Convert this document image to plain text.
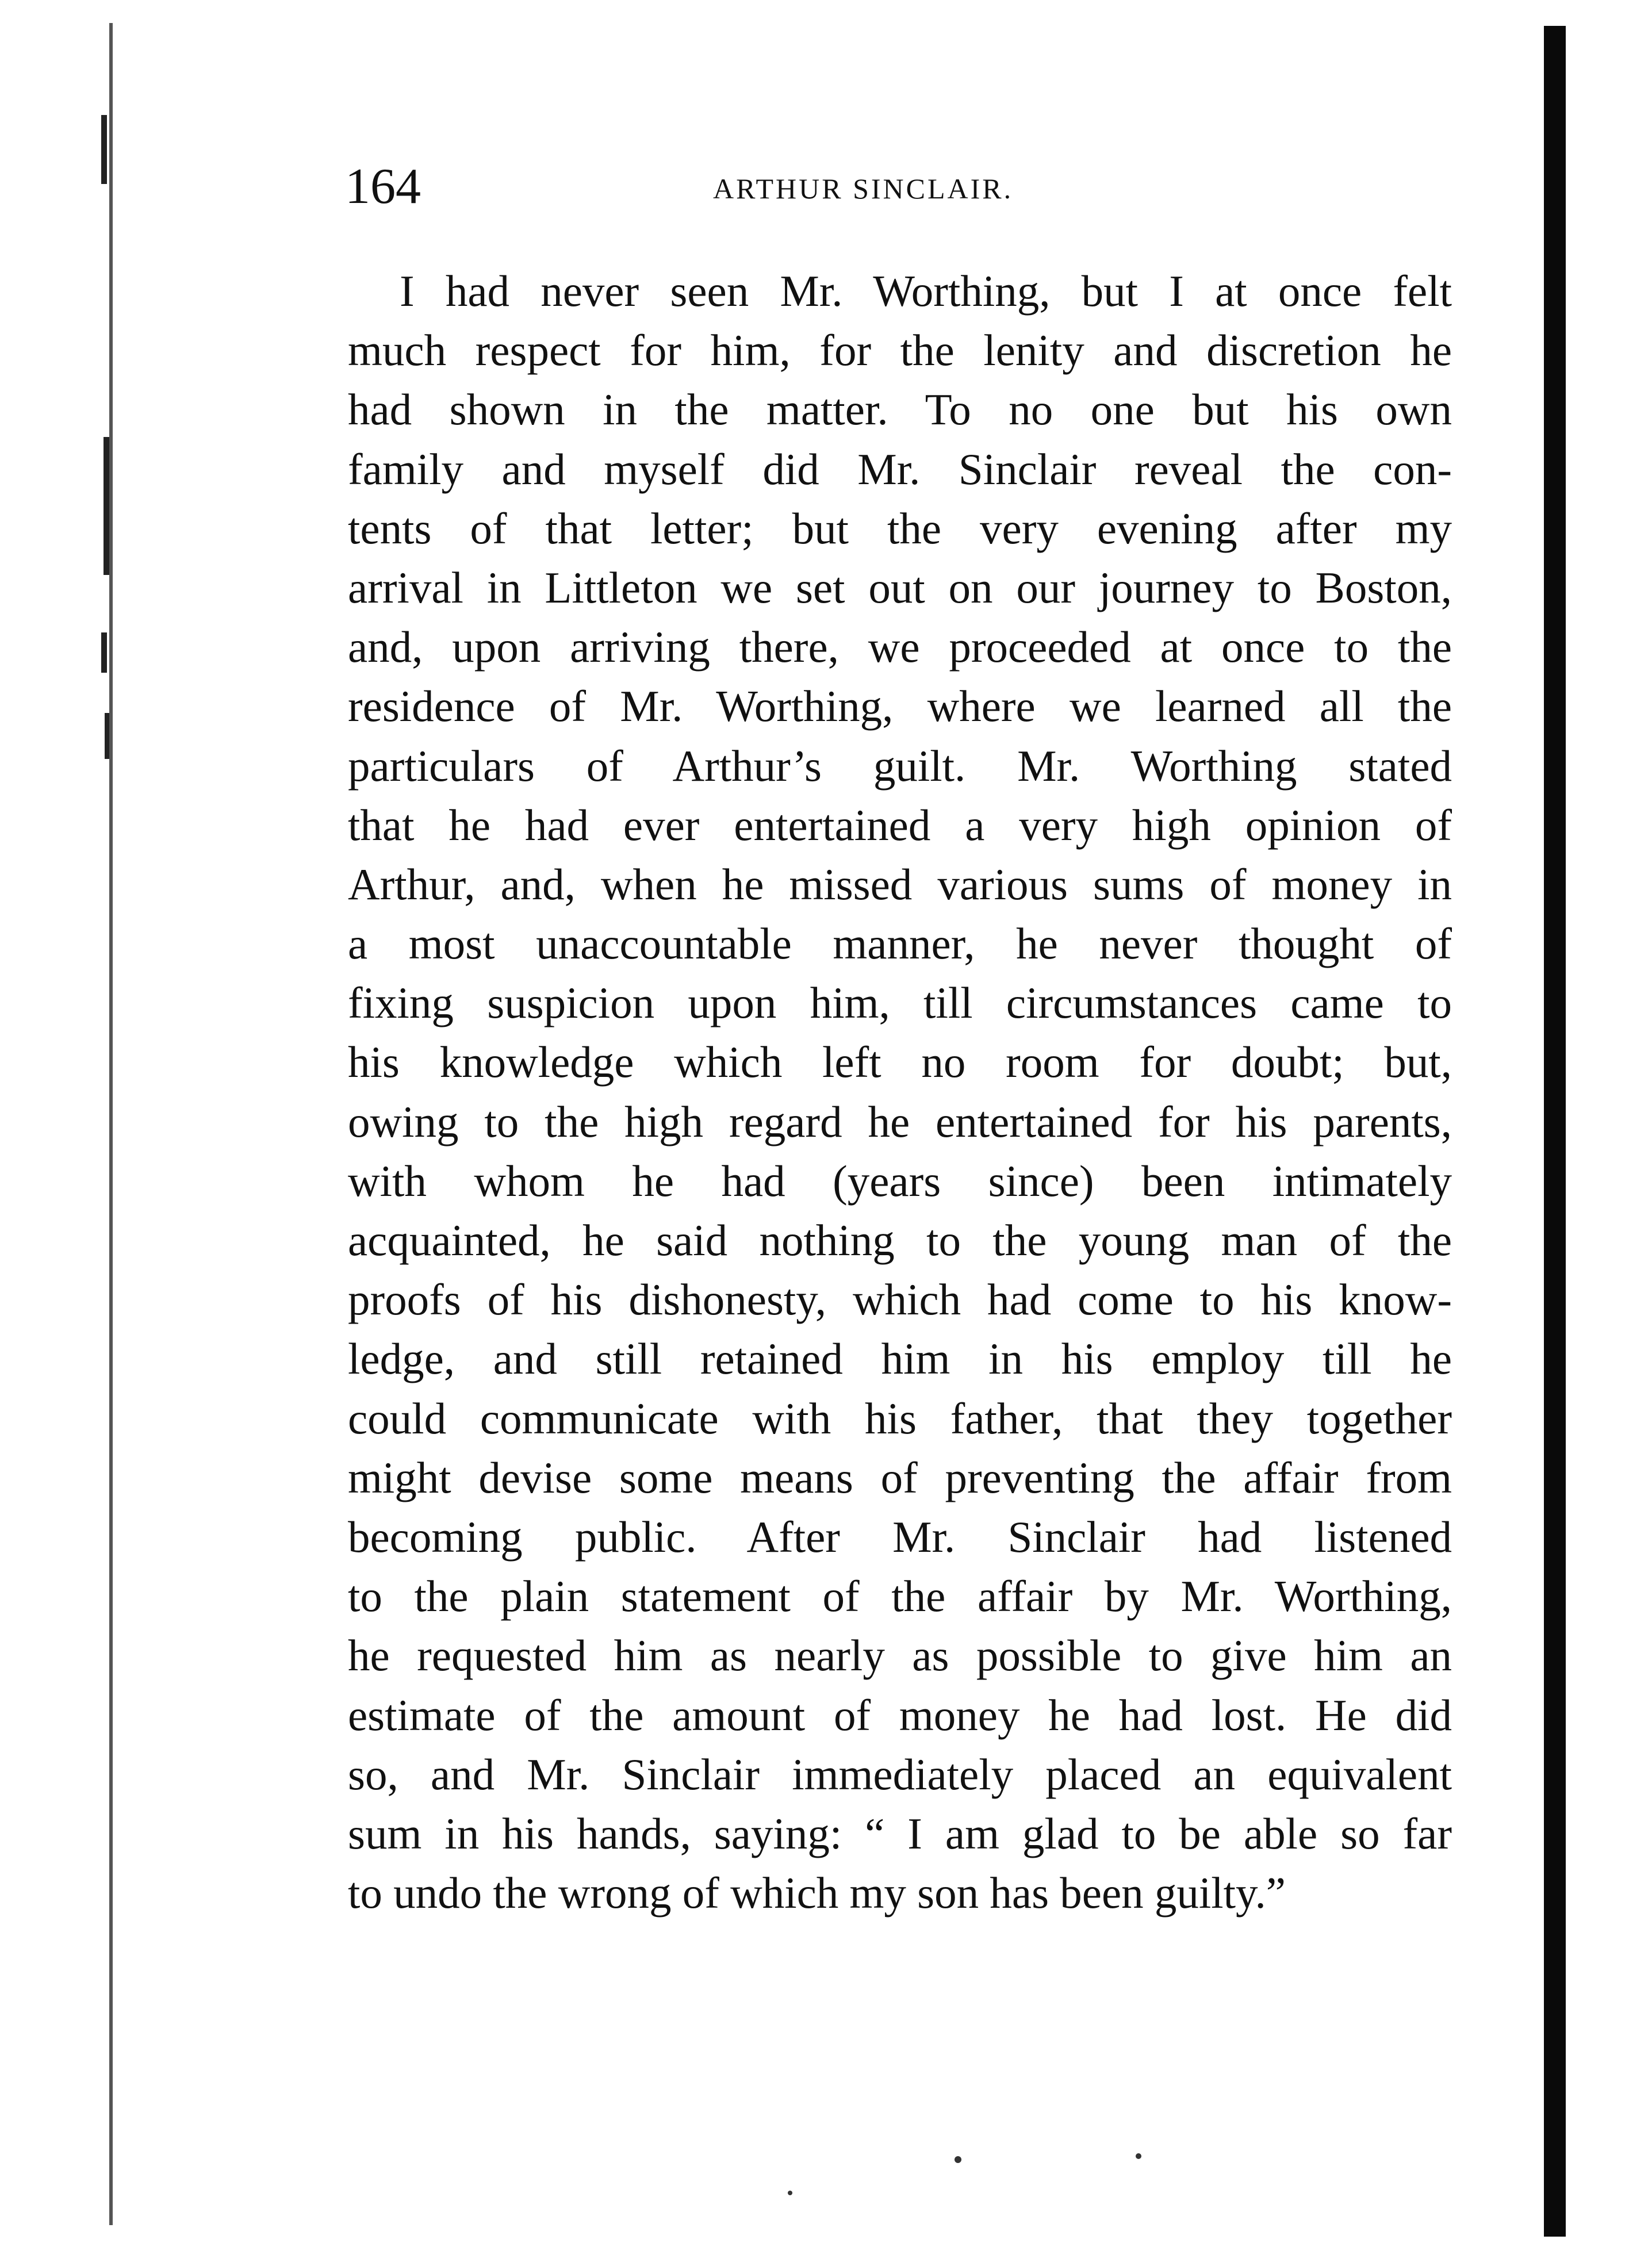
164	ARTHUR SINCLAIR.
I had never seen Mr. Worthing, but I at once felt
much respect for him, for the lenity and discretion he
had shown in the matter. To no one but his own
family and myself did Mr. Sinclair reveal the con-
tents of that letter; but the very evening after my
arrival in Littleton we set out on our journey to Boston,
and, upon arriving there, we proceeded at once to the
residence of Mr. Worthing, where we learned all the
particulars of Arthur’s guilt. Mr. Worthing stated
that he had ever entertained a very high opinion of
Arthur, and, when he missed various sums of money in
a most unaccountable manner, he never thought of
fixing suspicion upon him, till circumstances came to
his knowledge which left no room for doubt; but,
owing to the high regard he entertained for his parents,
with whom he had (years since) been intimately
acquainted, he said nothing to the young man of the
proofs of his dishonesty, which had come to his know-
ledge, and still retained him in his employ till he
could communicate with his father, that they together
might devise some means of preventing the affair from
becoming public. After Mr. Sinclair had listened
to the plain statement of the affair by Mr. Worthing,
he requested him as nearly as possible to give him an
estimate of the amount of money he had lost. He did
so, and Mr. Sinclair immediately placed an equivalent
sum in his hands, saying: “ I am glad to be able so far
to undo the wrong of which my son has been guilty.”
